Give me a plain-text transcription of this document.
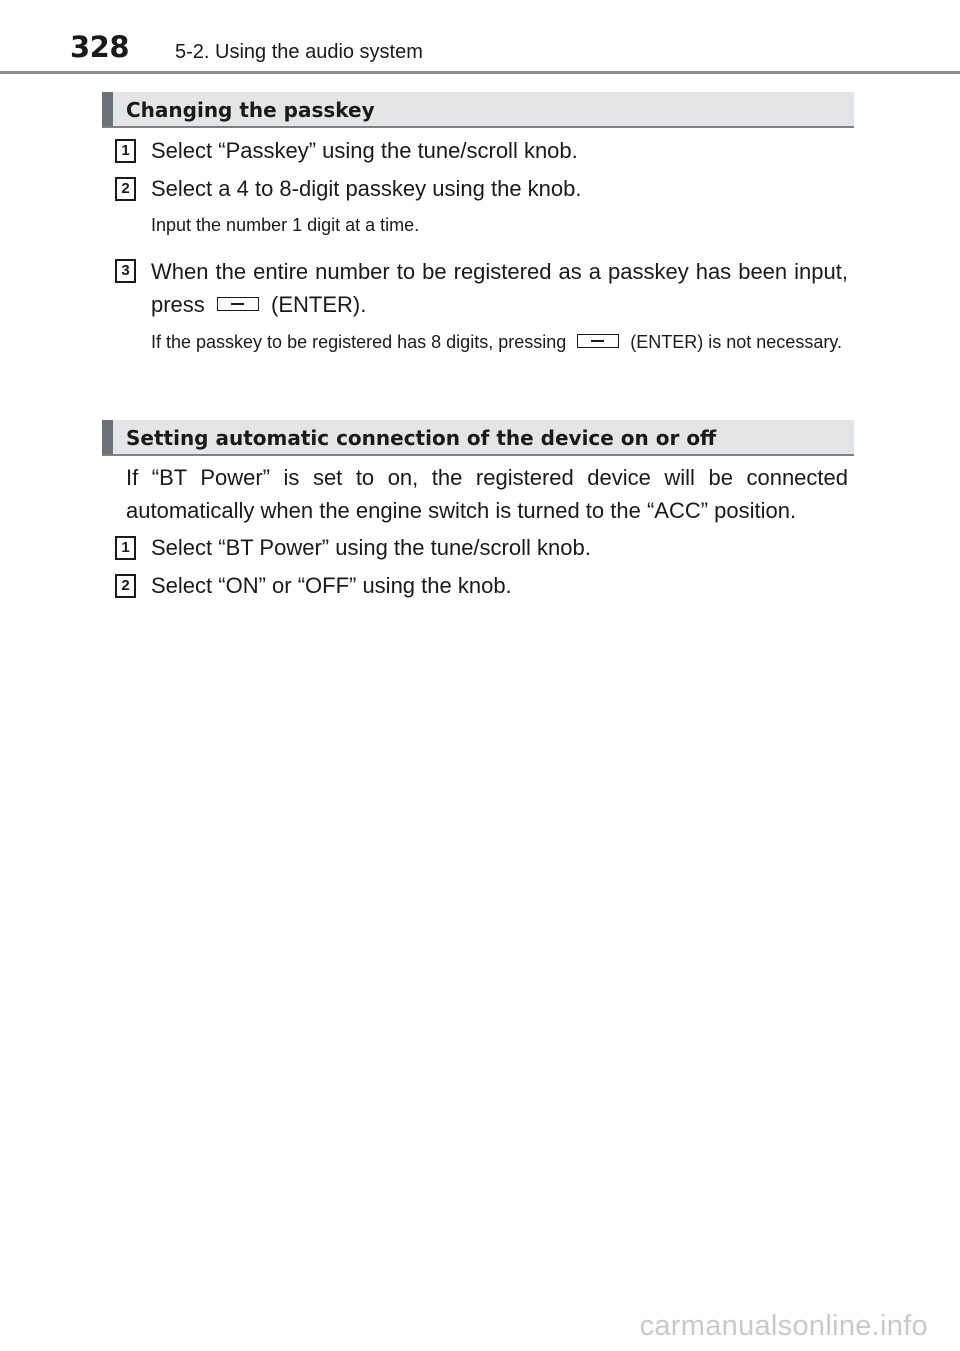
328 5-2. Using the audio system
Changing the passkey
1 Select “Passkey” using the tune/scroll knob.
2 Select a 4 to 8-digit passkey using the knob.
Input the number 1 digit at a time.
3 When the entire number to be registered as a passkey has been input, press	(ENTER).
If the passkey to be registered has 8 digits, pressing	(ENTER) is not necessary.
Setting automatic connection of the device on or off
If “BT Power” is set to on, the registered device will be connected automatically when the engine switch is turned to the “ACC” position.
1 Select “BT Power” using the tune/scroll knob.
2 Select “ON” or “OFF” using the knob.
carmanualsonline.info
